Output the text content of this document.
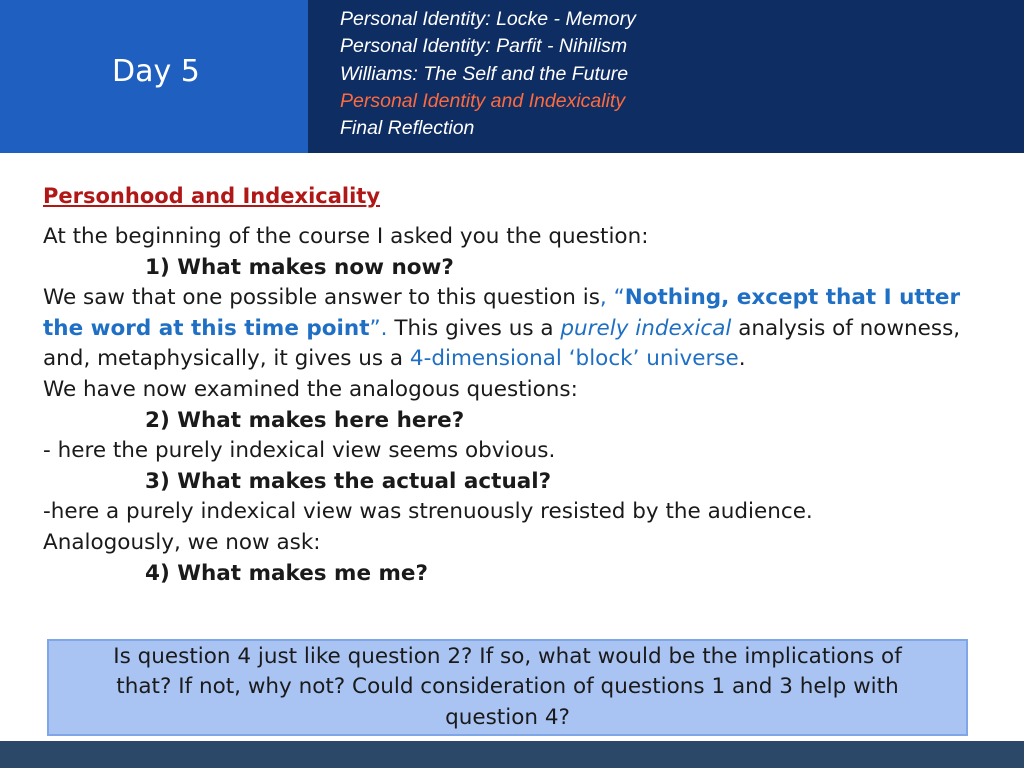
Day 5
Personal Identity: Locke - Memory
Personal Identity: Parfit - Nihilism
Williams: The Self and the Future
Personal Identity and Indexicality
Final Reflection
Personhood and Indexicality

At the beginning of the course I asked you the question:

1) What makes now now?

We saw that one possible answer to this question is, “Nothing, except that I utter the word at this time point”. This gives us a purely indexical analysis of nowness, and, metaphysically, it gives us a 4-dimensional ‘block’ universe.

We have now examined the analogous questions:

2) What makes here here?

- here the purely indexical view seems obvious.

3) What makes the actual actual?

-here a purely indexical view was strenuously resisted by the audience.

Analogously, we now ask:

4) What makes me me?

Is question 4 just like question 2? If so, what would be the implications of that? If not, why not? Could consideration of questions 1 and 3 help with question 4?
